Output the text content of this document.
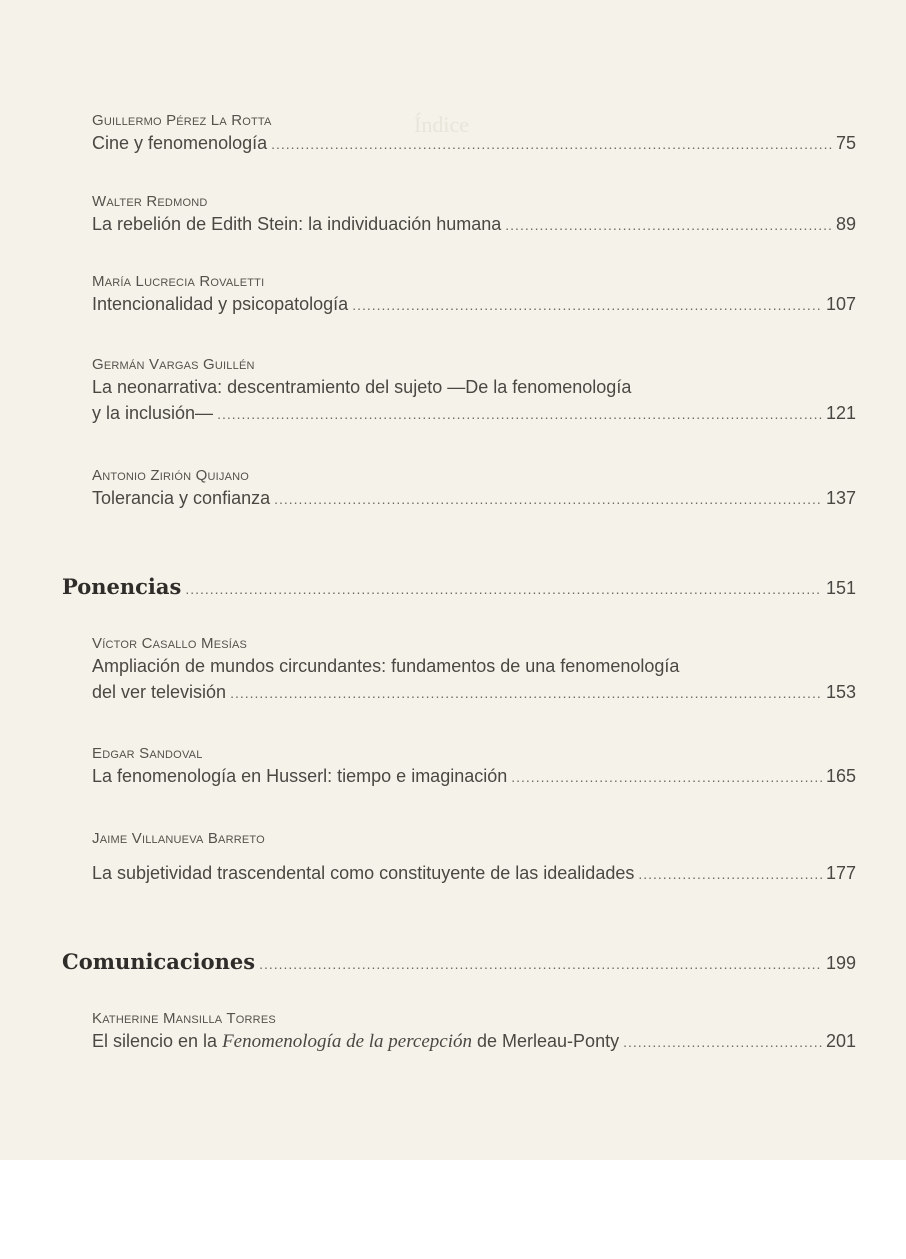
Índice
Guillermo Pérez La Rotta
Cine y fenomenología .....	75
Walter Redmond
La rebelión de Edith Stein: la individuación humana .....	89
María Lucrecia Rovaletti
Intencionalidad y psicopatología .....	107
Germán Vargas Guillén
La neonarrativa: descentramiento del sujeto —De la fenomenología
y la inclusión— .....	121
Antonio Zirión Quijano
Tolerancia y confianza .....	137
Ponencias .....	151
Víctor Casallo Mesías
Ampliación de mundos circundantes: fundamentos de una fenomenología
del ver televisión .....	153
Edgar Sandoval
La fenomenología en Husserl: tiempo e imaginación .....	165
Jaime Villanueva Barreto
La subjetividad trascendental como constituyente de las idealidades .....	177
Comunicaciones .....	199
Katherine Mansilla Torres
El silencio en la Fenomenología de la percepción de Merleau-Ponty .....	201
